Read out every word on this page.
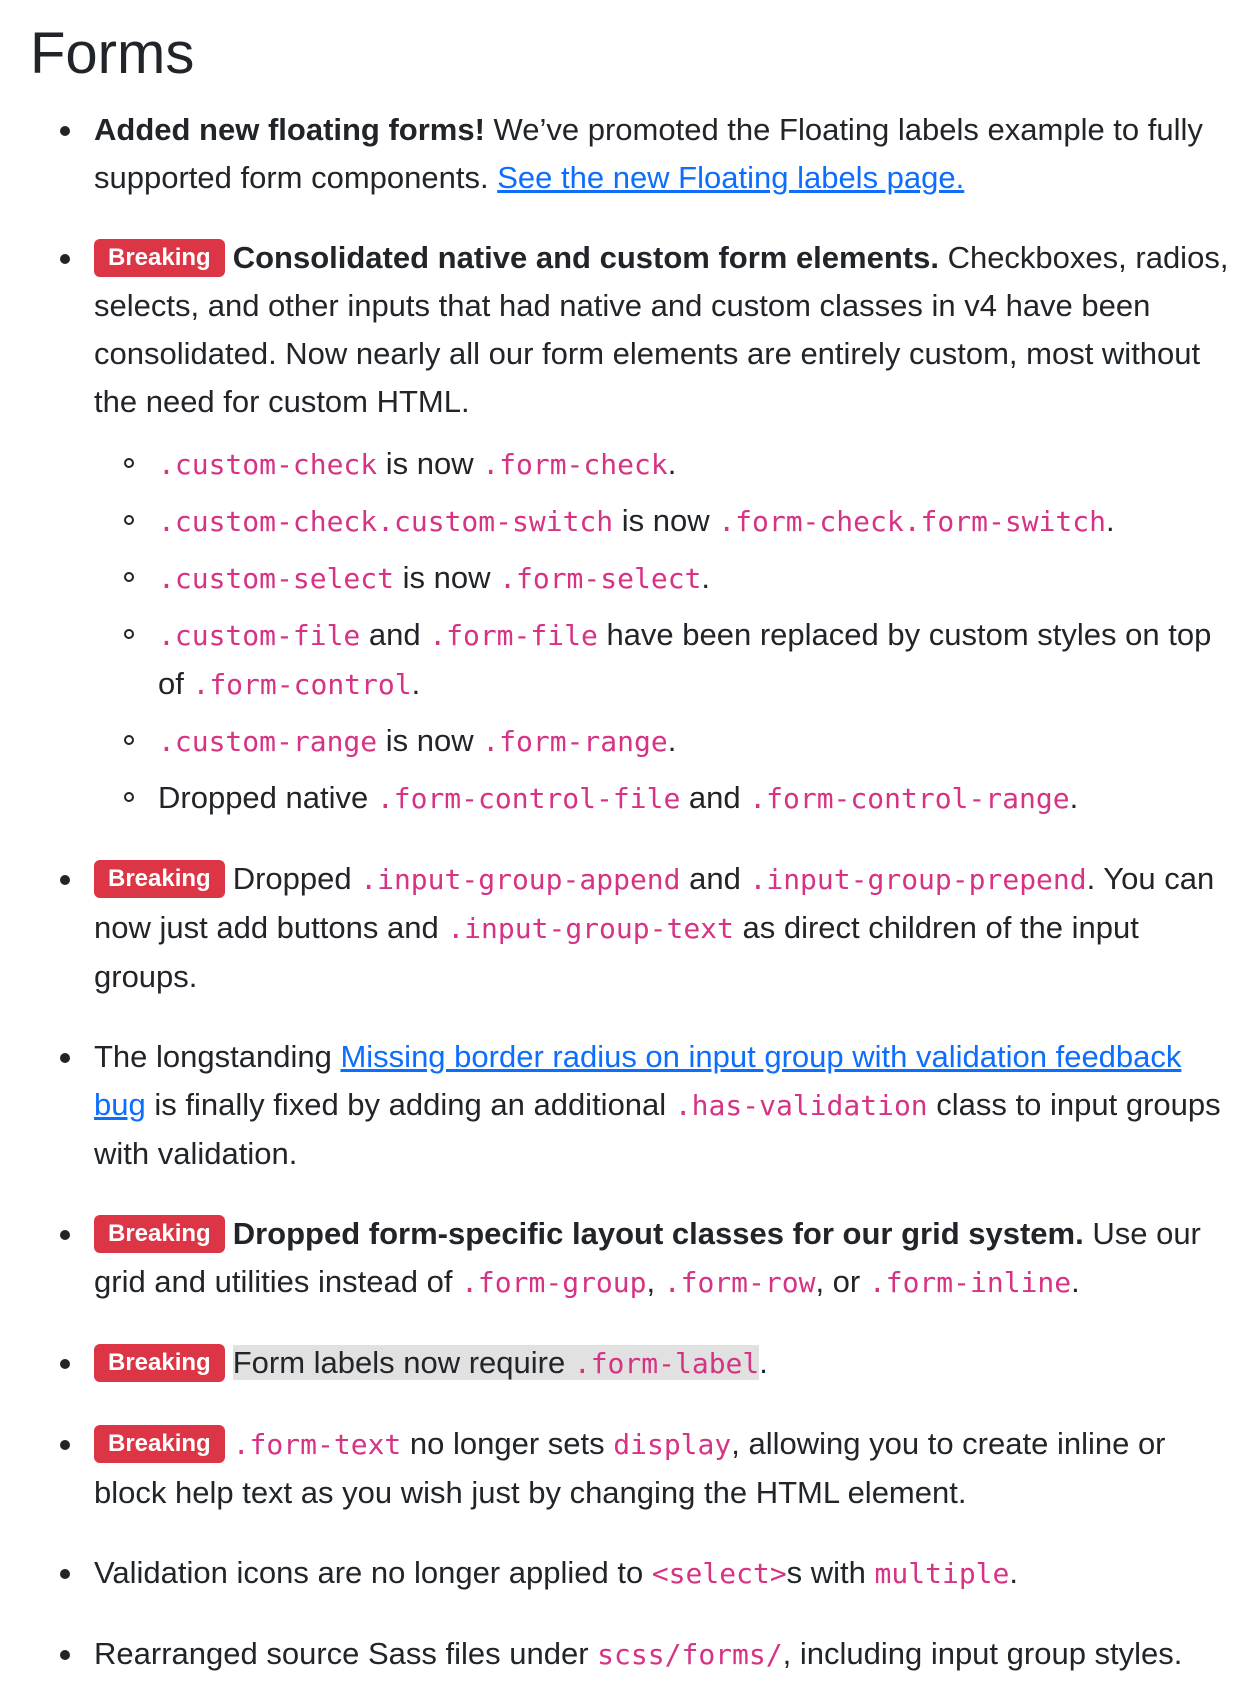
Forms
Added new floating forms! We’ve promoted the Floating labels example to fully supported form components. See the new Floating labels page.
Breaking Consolidated native and custom form elements. Checkboxes, radios, selects, and other inputs that had native and custom classes in v4 have been consolidated. Now nearly all our form elements are entirely custom, most without the need for custom HTML.
.custom-check is now .form-check.
.custom-check.custom-switch is now .form-check.form-switch.
.custom-select is now .form-select.
.custom-file and .form-file have been replaced by custom styles on top of .form-control.
.custom-range is now .form-range.
Dropped native .form-control-file and .form-control-range.
Breaking Dropped .input-group-append and .input-group-prepend. You can now just add buttons and .input-group-text as direct children of the input groups.
The longstanding Missing border radius on input group with validation feedback bug is finally fixed by adding an additional .has-validation class to input groups with validation.
Breaking Dropped form-specific layout classes for our grid system. Use our grid and utilities instead of .form-group, .form-row, or .form-inline.
Breaking Form labels now require .form-label.
Breaking .form-text no longer sets display, allowing you to create inline or block help text as you wish just by changing the HTML element.
Validation icons are no longer applied to <select>s with multiple.
Rearranged source Sass files under scss/forms/, including input group styles.
